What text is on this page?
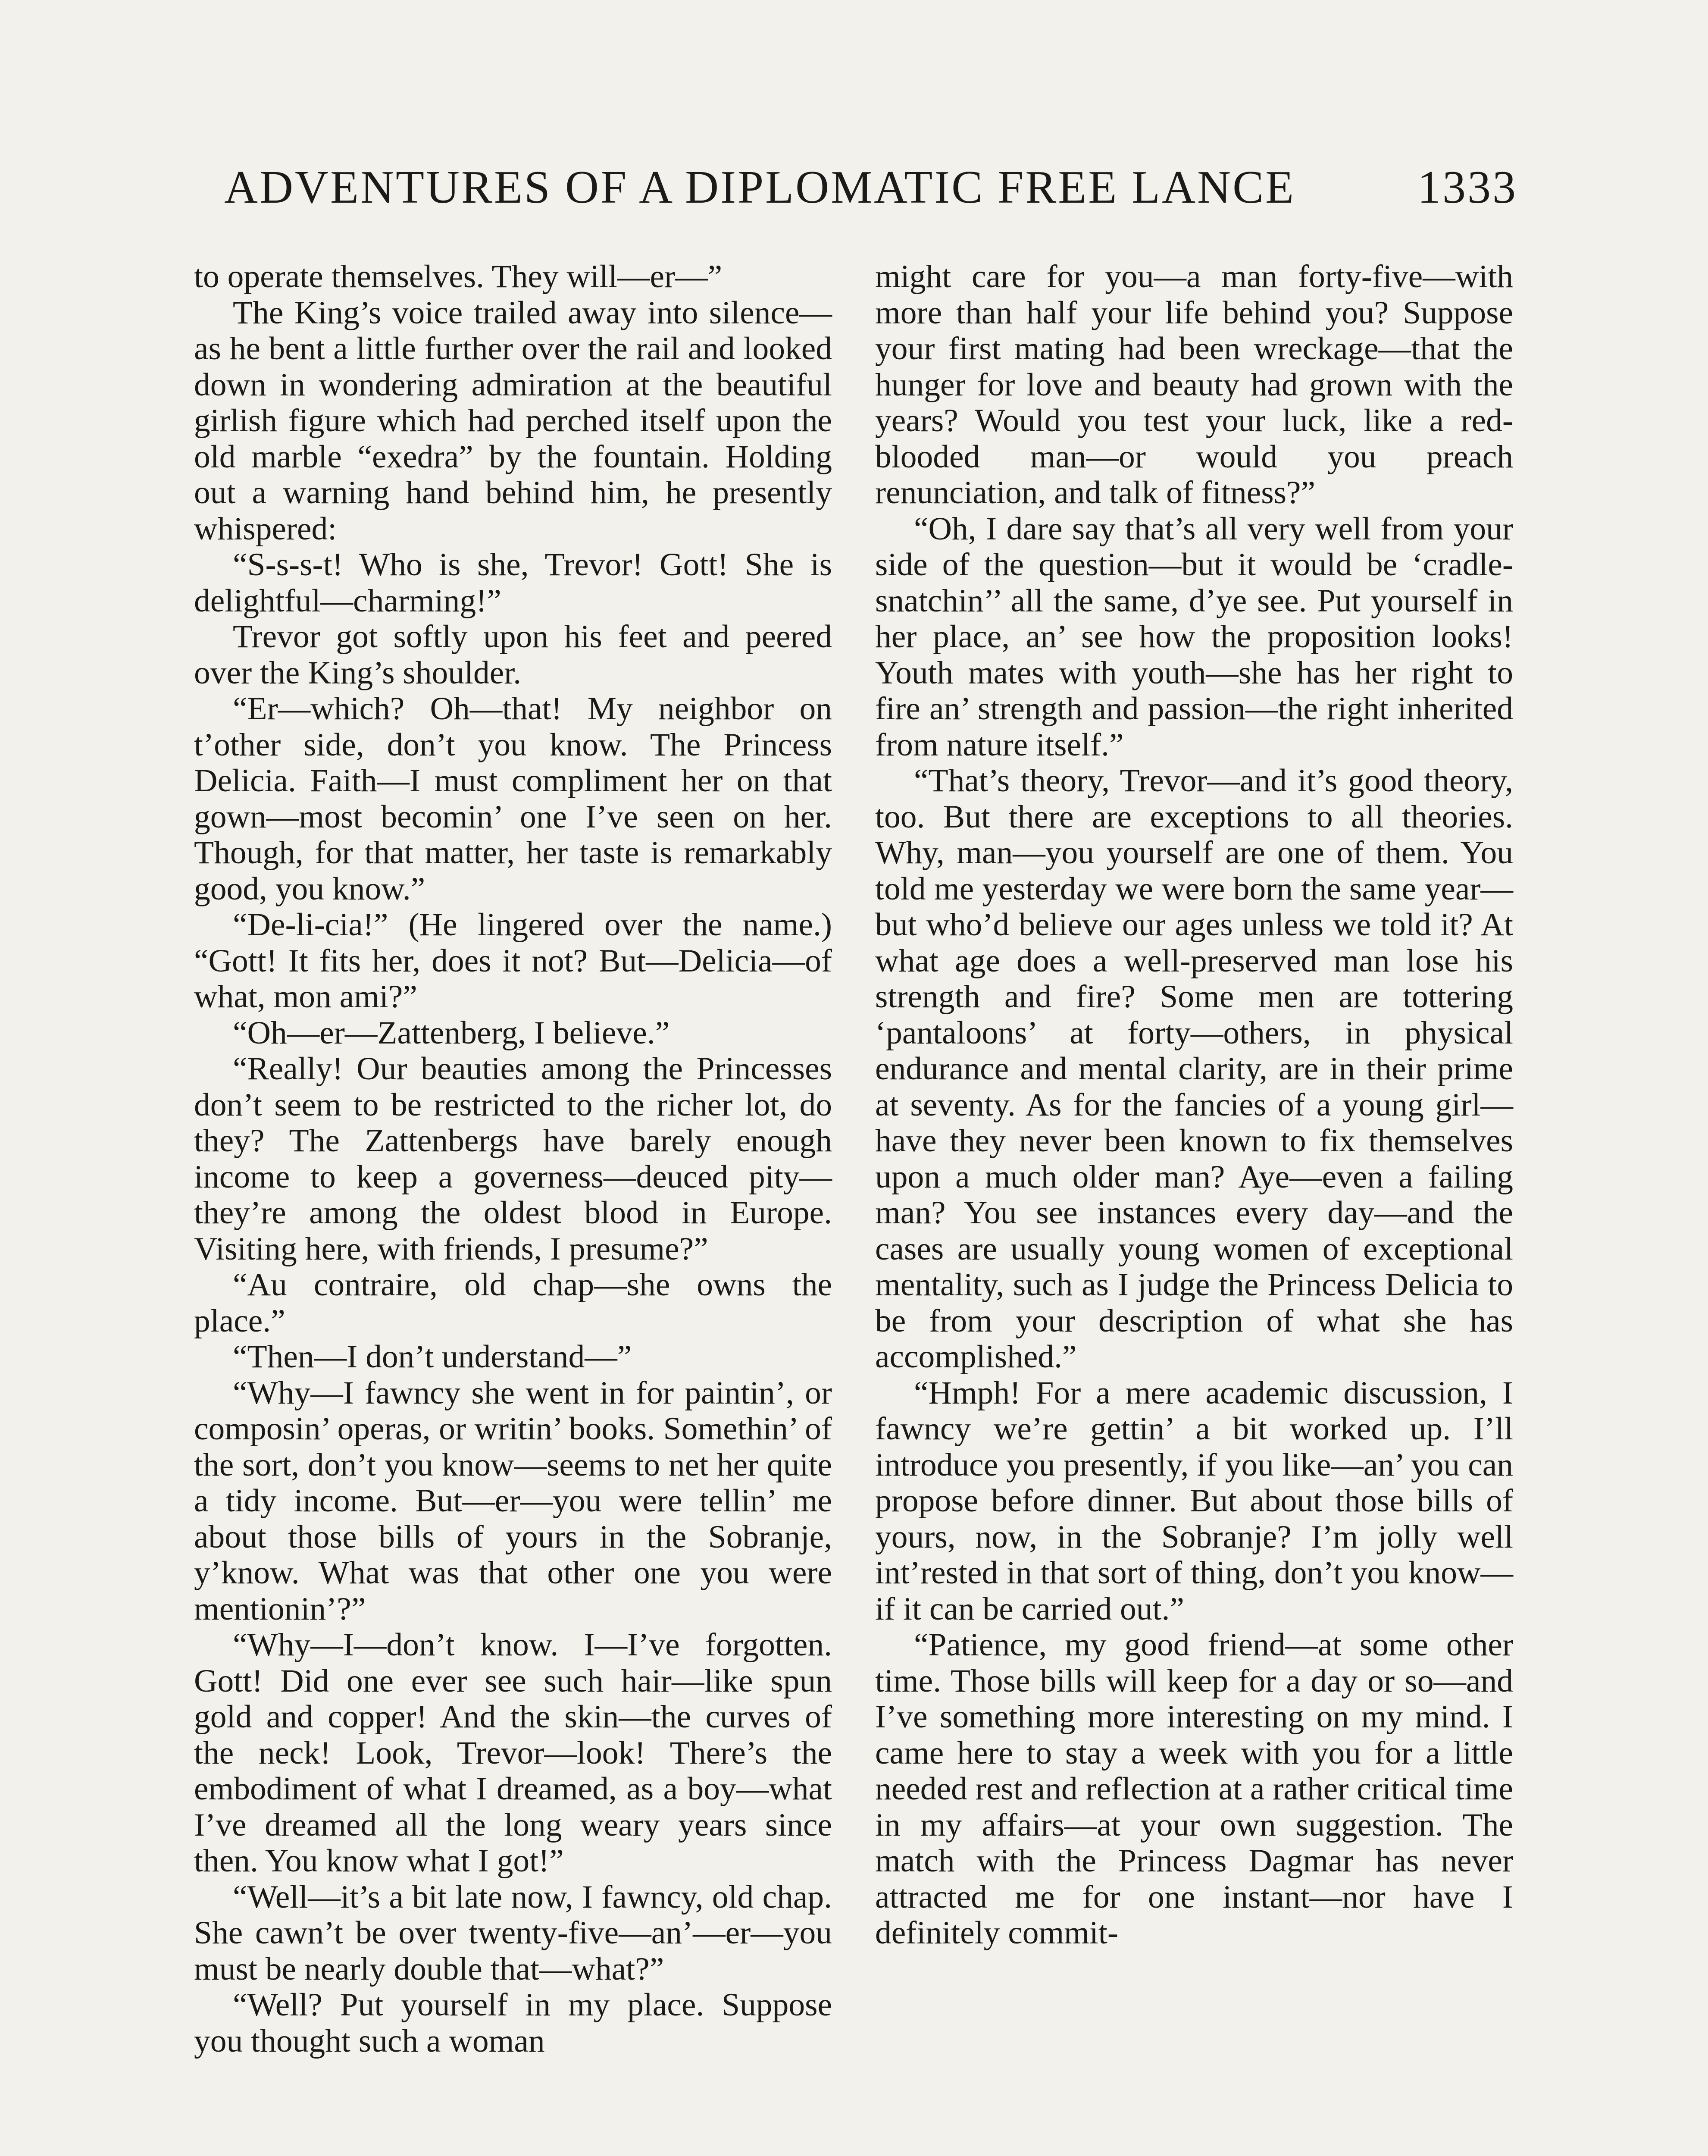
ADVENTURES OF A DIPLOMATIC FREE LANCE	1333

to operate themselves. They will—er—”

The King’s voice trailed away into silence—as he bent a little further over the rail and looked down in wondering admiration at the beautiful girlish figure which had perched itself upon the old marble “exedra” by the fountain. Holding out a warning hand behind him, he presently whispered:

“S-s-s-t! Who is she, Trevor! Gott! She is delightful—charming!”

Trevor got softly upon his feet and peered over the King’s shoulder.

“Er—which? Oh—that! My neighbor on t’other side, don’t you know. The Princess Delicia. Faith—I must compliment her on that gown—most becomin’ one I’ve seen on her. Though, for that matter, her taste is remarkably good, you know.”

“De-li-cia!” (He lingered over the name.) “Gott! It fits her, does it not? But—Delicia—of what, mon ami?”

“Oh—er—Zattenberg, I believe.”

“Really! Our beauties among the Princesses don’t seem to be restricted to the richer lot, do they? The Zattenbergs have barely enough income to keep a governess—deuced pity—they’re among the oldest blood in Europe. Visiting here, with friends, I presume?”

“Au contraire, old chap—she owns the place.”

“Then—I don’t understand—”

“Why—I fawncy she went in for paintin’, or composin’ operas, or writin’ books. Somethin’ of the sort, don’t you know—seems to net her quite a tidy income. But—er—you were tellin’ me about those bills of yours in the Sobranje, y’know. What was that other one you were mentionin’?”

“Why—I—don’t know. I—I’ve forgotten. Gott! Did one ever see such hair—like spun gold and copper! And the skin—the curves of the neck! Look, Trevor—look! There’s the embodiment of what I dreamed, as a boy—what I’ve dreamed all the long weary years since then. You know what I got!”

“Well—it’s a bit late now, I fawncy, old chap. She cawn’t be over twenty-five—an’—er—you must be nearly double that—what?”

“Well? Put yourself in my place. Suppose you thought such a woman

might care for you—a man forty-five—with more than half your life behind you? Suppose your first mating had been wreckage—that the hunger for love and beauty had grown with the years? Would you test your luck, like a red-blooded man—or would you preach renunciation, and talk of fitness?”

“Oh, I dare say that’s all very well from your side of the question—but it would be ‘cradle-snatchin’’ all the same, d’ye see. Put yourself in her place, an’ see how the proposition looks! Youth mates with youth—she has her right to fire an’ strength and passion—the right inherited from nature itself.”

“That’s theory, Trevor—and it’s good theory, too. But there are exceptions to all theories. Why, man—you yourself are one of them. You told me yesterday we were born the same year—but who’d believe our ages unless we told it? At what age does a well-preserved man lose his strength and fire? Some men are tottering ‘pantaloons’ at forty—others, in physical endurance and mental clarity, are in their prime at seventy. As for the fancies of a young girl—have they never been known to fix themselves upon a much older man? Aye—even a failing man? You see instances every day—and the cases are usually young women of exceptional mentality, such as I judge the Princess Delicia to be from your description of what she has accomplished.”

“Hmph! For a mere academic discussion, I fawncy we’re gettin’ a bit worked up. I’ll introduce you presently, if you like—an’ you can propose before dinner. But about those bills of yours, now, in the Sobranje? I’m jolly well int’rested in that sort of thing, don’t you know—if it can be carried out.”

“Patience, my good friend—at some other time. Those bills will keep for a day or so—and I’ve something more interesting on my mind. I came here to stay a week with you for a little needed rest and reflection at a rather critical time in my affairs—at your own suggestion. The match with the Princess Dagmar has never attracted me for one instant—nor have I definitely commit-
